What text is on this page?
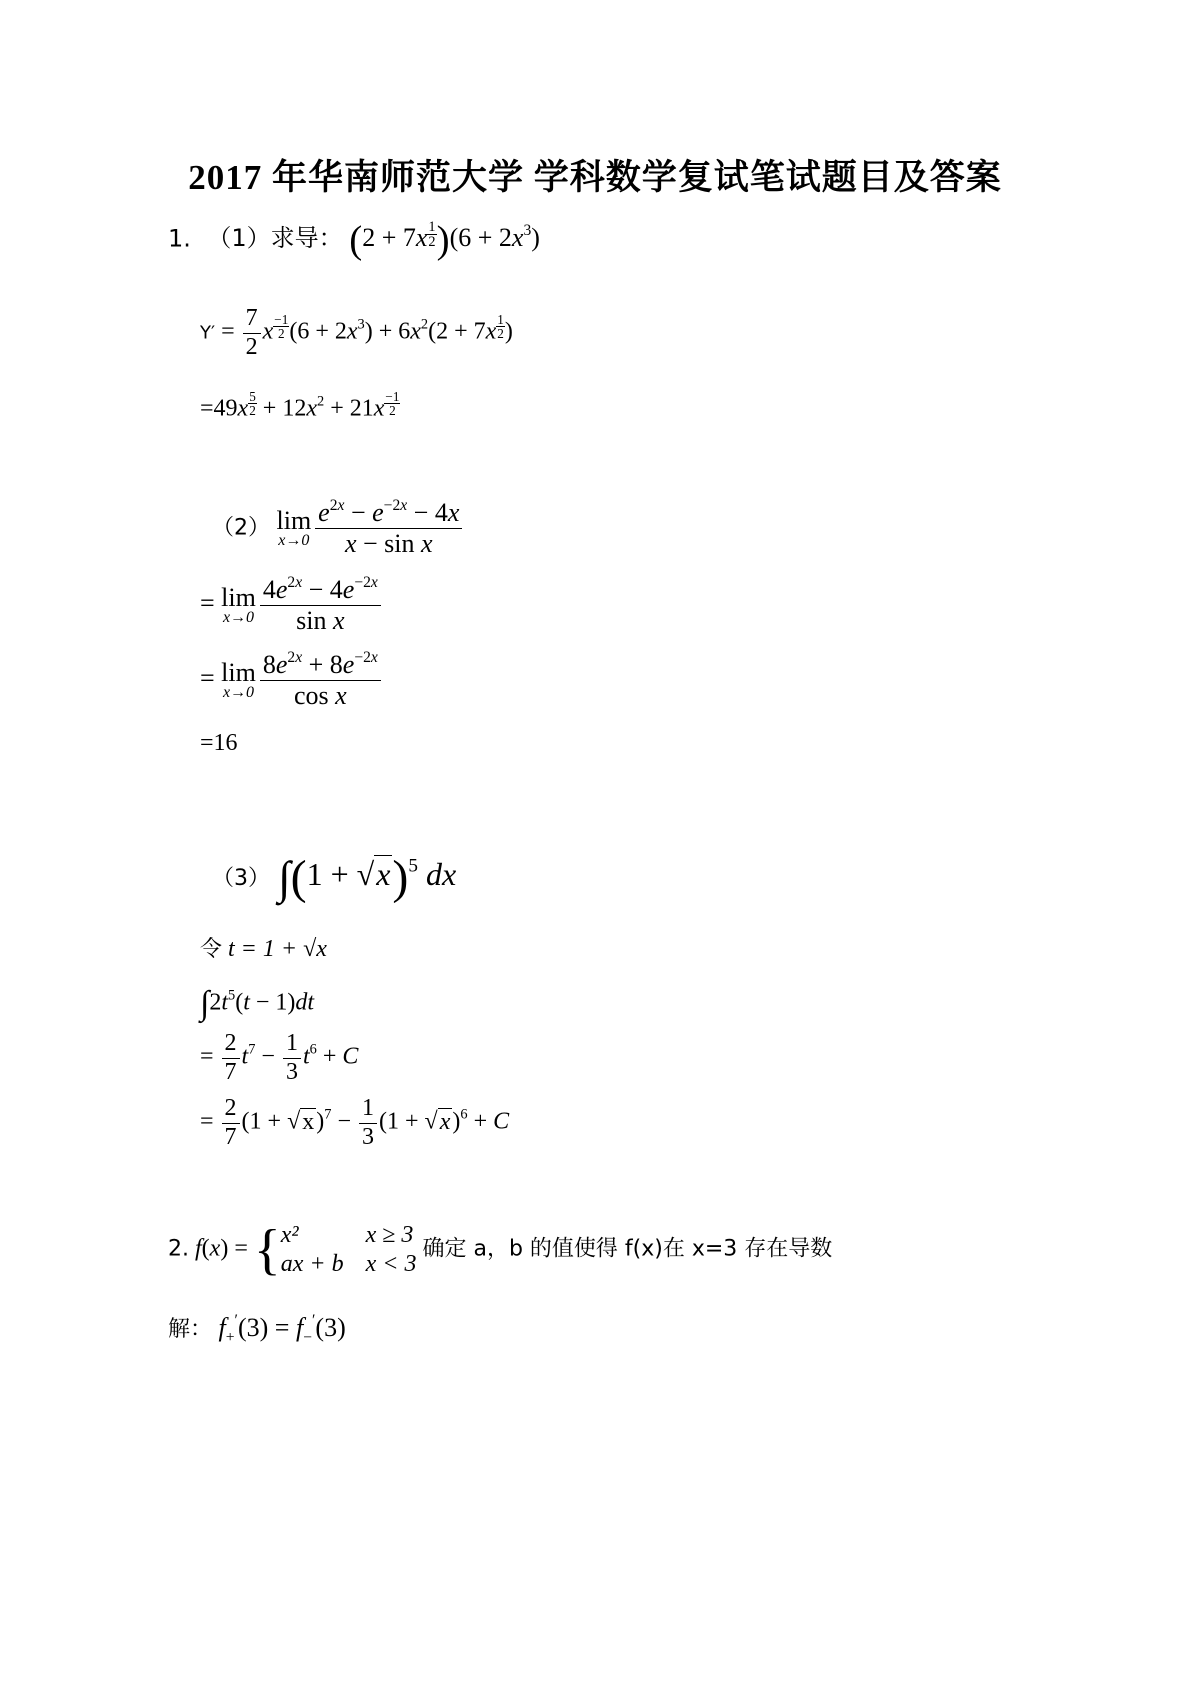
2017 年华南师范大学 学科数学复试笔试题目及答案
1. （1）求导： $(2 + 7x \frac{1}{2} )(6 + 2x^3)$
$Y' = \frac{7}{2}$ x $\frac{-1}{2} (6 + 2x^3) + 6x^2(2 + 7x \frac{1}{2}$ )
$=49x \frac{5}{2} + 12x^2 + 21x \frac{-1}{2}$
（2） lim
$x\to 0 \frac{e^{2x} - e^{-2x} - 4x}{\text{x − sin x}}$
= lim
$x\to 0 \frac{4e^{2x} - 4e^{-2x}}{\text{sin x}}$
= lim
$x\to 0 \frac{8e^{2x} + 8e^{-2x}}{\text{cos x}}$
=16
（3） $\int(1 + √x)^5$ dx
令 t = 1 + √x
$\int 2t^5(t - 1)dt$
= $\frac{2}{7} t^7 - \frac{1}{3} t^6 + C$
= $\frac{2}{7} (1 + √x)^7 - \frac{1}{3} (1 + √x)^6 + C$
2. f(x) = { x²	x ≥ 3
ax + b x < 3
确定 a，b 的值使得 f(x)在 x=3 存在导数
解： $f_+'(3) = f_-'(3)$
